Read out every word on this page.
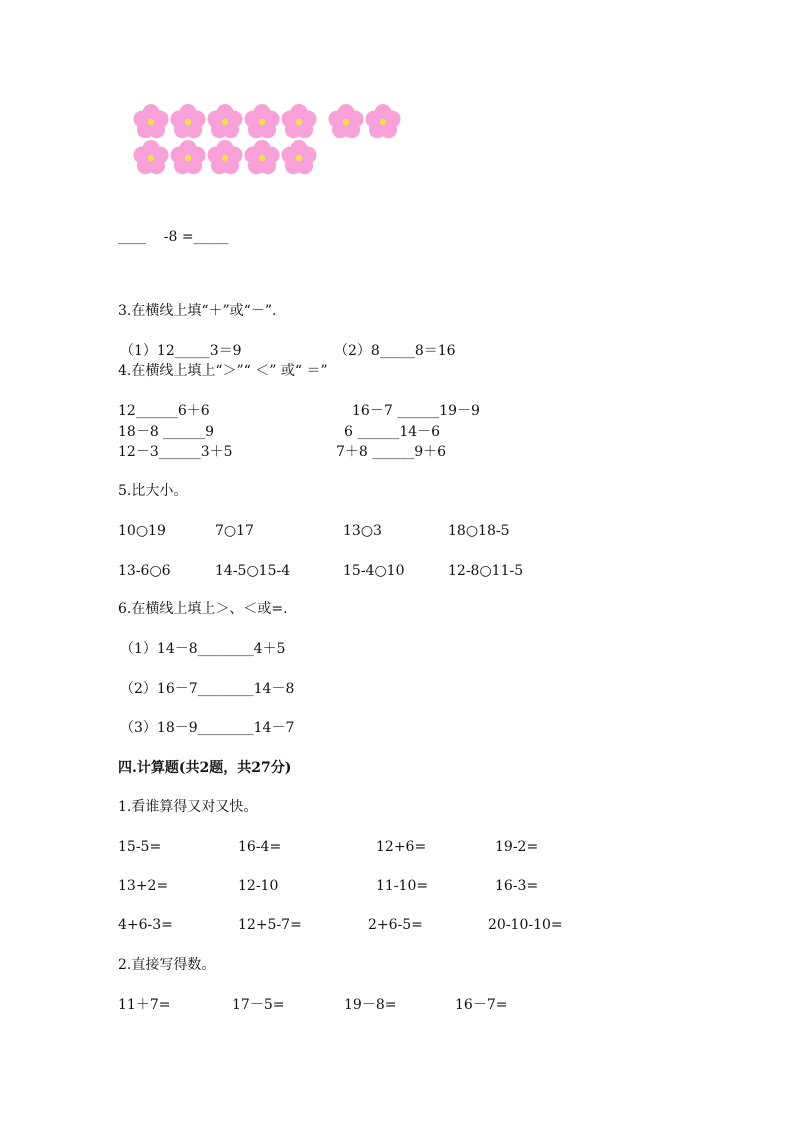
____    -8 =_____
3.在横线上填“＋”或“－”.
（1）12_____3＝9	（2）8_____8＝16
4.在横线上填上“＞”“ ＜” 或“ ＝”
12______6＋6	16－7 ______19－9
18－8 ______9	6 ______14－6
12－3______3＋5	7＋8 ______9＋6
5.比大小。
10○19	7○17	13○3	18○18-5
13-6○6	14-5○15-4	15-4○10	12-8○11-5
6.在横线上填上＞、＜或=.
（1）14－8________4＋5
（2）16－7________14－8
（3）18－9________14－7
四.计算题(共2题，共27分)
1.看谁算得又对又快。
15-5=	16-4=	12+6=	19-2=
13+2=	12-10	11-10=	16-3=
4+6-3=	12+5-7=	2+6-5=	20-10-10=
2.直接写得数。
11＋7=	17－5=	19－8=	16－7=
